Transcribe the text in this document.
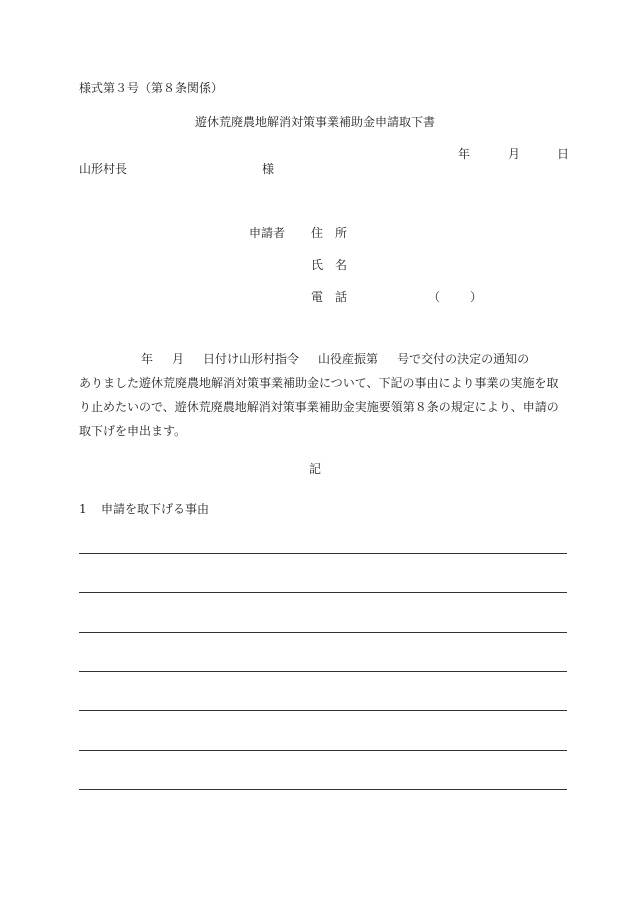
様式第３号（第８条関係）
遊休荒廃農地解消対策事業補助金申請取下書
年	月	日
山形村長	様
申請者 住　所
氏　名
電　話	（ ）
年 月 日付け山形村指令 山役産振第 号で交付の決定の通知の
ありました遊休荒廃農地解消対策事業補助金について、下記の事由により事業の実施を取
り止めたいので、遊休荒廃農地解消対策事業補助金実施要領第８条の規定により、申請の
取下げを申出ます。
記
1 申請を取下げる事由
